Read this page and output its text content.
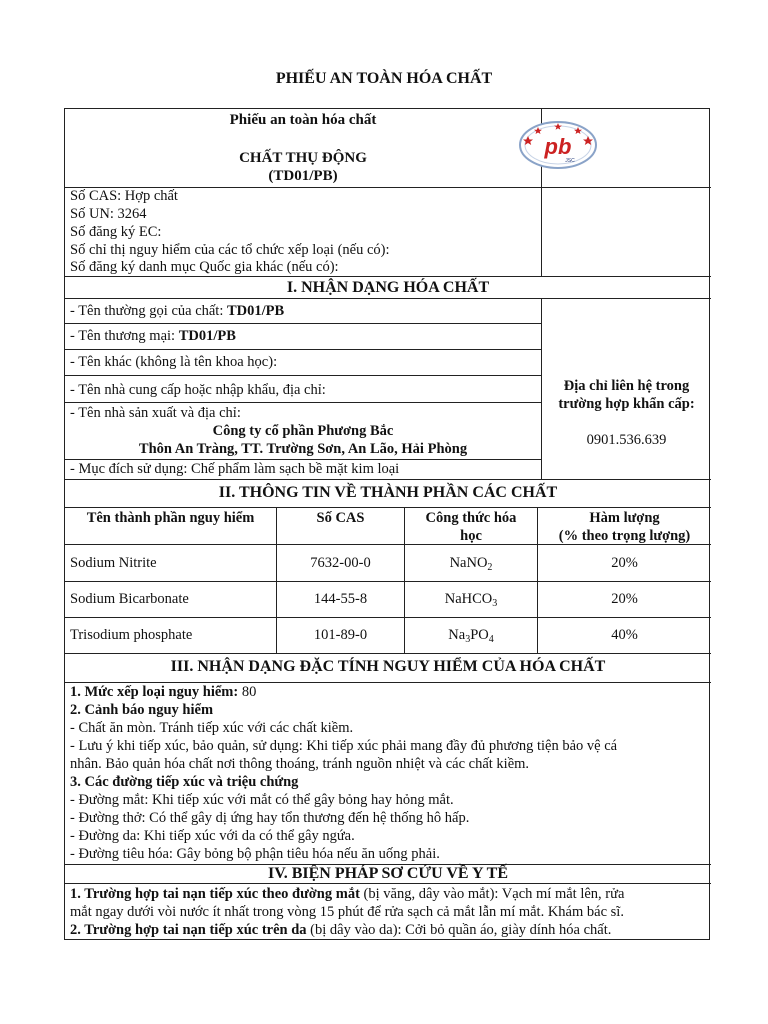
PHIẾU AN TOÀN HÓA CHẤT
Phiếu an toàn hóa chất
CHẤT THỤ ĐỘNG
(TD01/PB)
Số CAS: Hợp chất
Số UN: 3264
Số đăng ký EC:
Số chỉ thị nguy hiểm của các tổ chức xếp loại (nếu có):
Số đăng ký danh mục Quốc gia khác (nếu có):
I. NHẬN DẠNG HÓA CHẤT
- Tên thường gọi của chất: TD01/PB
- Tên thương mại: TD01/PB
- Tên khác (không là tên khoa học):
- Tên nhà cung cấp hoặc nhập khẩu, địa chỉ:
- Tên nhà sản xuất và địa chỉ:
Công ty cổ phần Phương Bắc
Thôn An Tràng, TT. Trường Sơn, An Lão, Hải Phòng
- Mục đích sử dụng: Chế phẩm làm sạch bề mặt kim loại
Địa chỉ liên hệ trong
trường hợp khẩn cấp:
0901.536.639
II. THÔNG TIN VỀ THÀNH PHẦN CÁC CHẤT
Tên thành phần nguy hiểm	Số CAS	Công thức hóa
học
Hàm lượng
(% theo trọng lượng)
Sodium Nitrite	7632-00-0	NaNO$_2$	20%
Sodium Bicarbonate	144-55-8	NaHCO$_3$	20%
Trisodium phosphate	101-89-0	$Na_3PO_4$	40%
III. NHẬN DẠNG ĐẶC TÍNH NGUY HIỂM CỦA HÓA CHẤT
1. Mức xếp loại nguy hiểm: 80
2. Cảnh báo nguy hiểm
- Chất ăn mòn. Tránh tiếp xúc với các chất kiềm.
- Lưu ý khi tiếp xúc, bảo quản, sử dụng: Khi tiếp xúc phải mang đầy đủ phương tiện bảo vệ cá
nhân. Bảo quản hóa chất nơi thông thoáng, tránh nguồn nhiệt và các chất kiềm.
3. Các đường tiếp xúc và triệu chứng
- Đường mắt: Khi tiếp xúc với mắt có thể gây bỏng hay hỏng mắt.
- Đường thở: Có thể gây dị ứng hay tổn thương đến hệ thống hô hấp.
- Đường da: Khi tiếp xúc với da có thể gây ngứa.
- Đường tiêu hóa: Gây bỏng bộ phận tiêu hóa nếu ăn uống phải.
IV. BIỆN PHÁP SƠ CỨU VỀ Y TẾ
1. Trường hợp tai nạn tiếp xúc theo đường mắt (bị văng, dây vào mắt): Vạch mí mắt lên, rửa
mắt ngay dưới vòi nước ít nhất trong vòng 15 phút để rửa sạch cả mắt lẫn mí mắt. Khám bác sĩ.
2. Trường hợp tai nạn tiếp xúc trên da (bị dây vào da): Cởi bỏ quần áo, giày dính hóa chất.
pb
JSC
